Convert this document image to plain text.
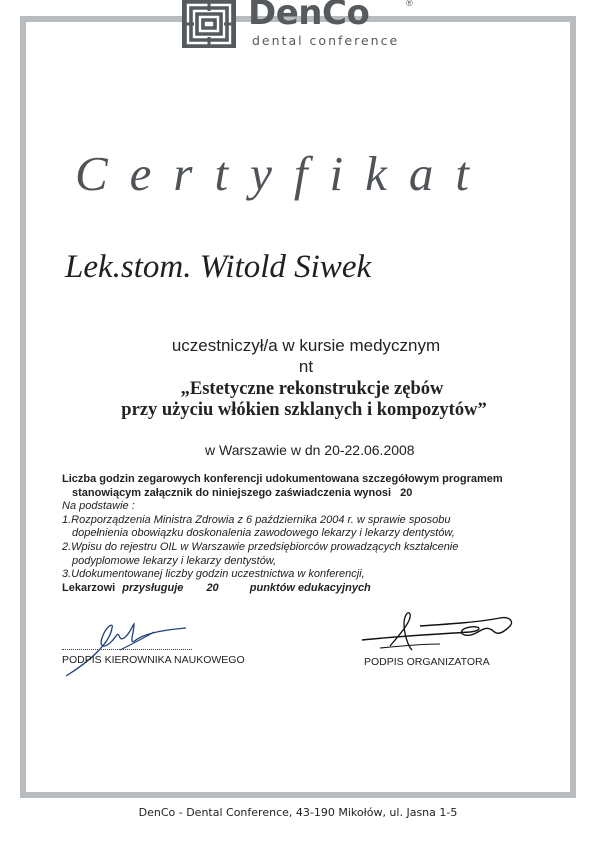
DenCo	®
dental conference
Certyfikat
Lek.stom. Witold Siwek
uczestniczył/a w kursie medycznym
nt
„Estetyczne rekonstrukcje zębów
przy użyciu włókien szklanych i kompozytów”
w Warszawie w dn 20-22.06.2008
Liczba godzin zegarowych konferencji udokumentowana szczegółowym programem
stanowiącym załącznik do niniejszego zaświadczenia wynosi 20
Na podstawie :
1.Rozporządzenia Ministra Zdrowia z 6 października 2004 r. w sprawie sposobu
dopełnienia obowiązku doskonalenia zawodowego lekarzy i lekarzy dentystów,
2.Wpisu do rejestru OIL w Warszawie przedsiębiorców prowadzących kształcenie
podyplomowe lekarzy i lekarzy dentystów,
3.Udokumentowanej liczby godzin uczestnictwa w konferencji,
Lekarzowi przysługuje 20	punktów edukacyjnych
PODPIS KIEROWNIKA NAUKOWEGO	PODPIS ORGANIZATORA
DenCo - Dental Conference, 43-190 Mikołów, ul. Jasna 1-5
